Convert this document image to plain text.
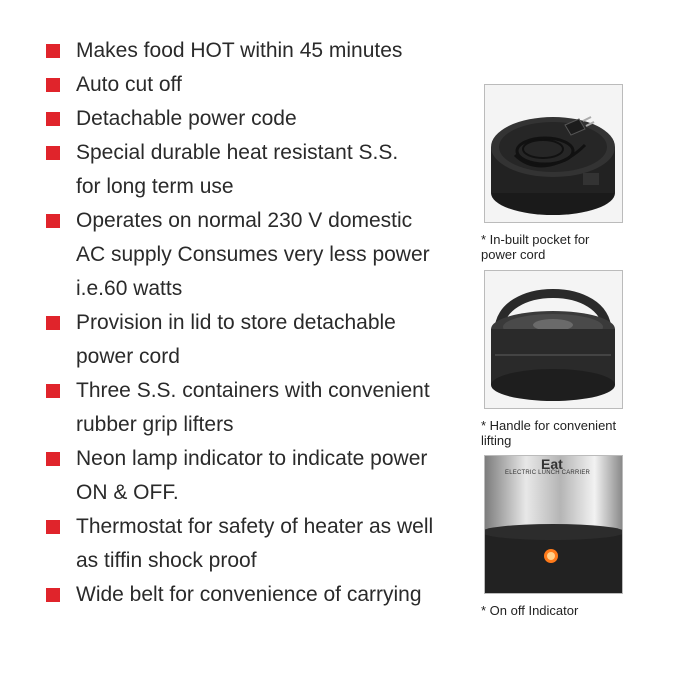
Makes food HOT within 45 minutes
Auto cut off
Detachable power code
Special durable heat resistant S.S.
for long term use
Operates on normal 230 V domestic
AC supply Consumes very less power
i.e.60 watts
Provision in lid to store detachable
power cord
Three S.S. containers with convenient
rubber grip lifters
Neon lamp indicator to indicate power
ON & OFF.
Thermostat for safety of heater as well
as tiffin shock proof
Wide belt for convenience of carrying
* In-built pocket for
power cord
* Handle for convenient
lifting
Eat
ELECTRIC LUNCH CARRIER
* On off Indicator
